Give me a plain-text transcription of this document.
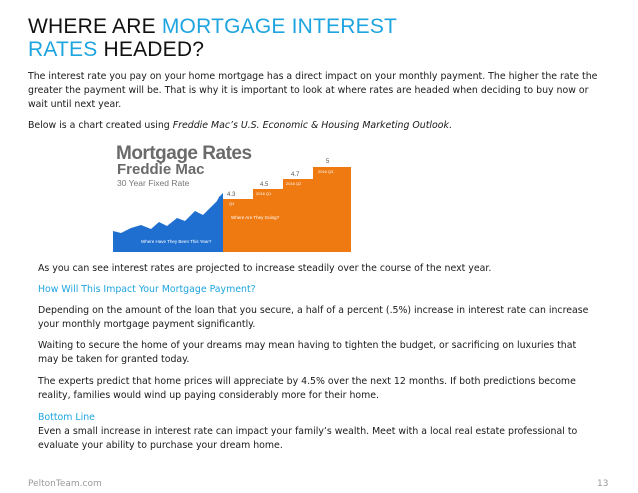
WHERE ARE MORTGAGE INTEREST
RATES HEADED?

The interest rate you pay on your home mortgage has a direct impact on your monthly payment. The higher the rate the greater the payment will be. That is why it is important to look at where rates are headed when deciding to buy now or wait until next year.

Below is a chart created using Freddie Mac’s U.S. Economic & Housing Marketing Outlook.

Mortgage Rates
Freddie Mac
30 Year Fixed Rate
4.3
Q4
4.5
2016 Q1
4.7
2016 Q2
5
2016 Q3
Where Have They Been This Year?
Where Are They Going?

As you can see interest rates are projected to increase steadily over the course of the next year.

How Will This Impact Your Mortgage Payment?

Depending on the amount of the loan that you secure, a half of a percent (.5%) increase in interest rate can increase your monthly mortgage payment significantly.

Waiting to secure the home of your dreams may mean having to tighten the budget, or sacrificing on luxuries that may be taken for granted today.

The experts predict that home prices will appreciate by 4.5% over the next 12 months. If both predictions become reality, families would wind up paying considerably more for their home.

Bottom Line

Even a small increase in interest rate can impact your family’s wealth. Meet with a local real estate professional to evaluate your ability to purchase your dream home.

PeltonTeam.com	13
